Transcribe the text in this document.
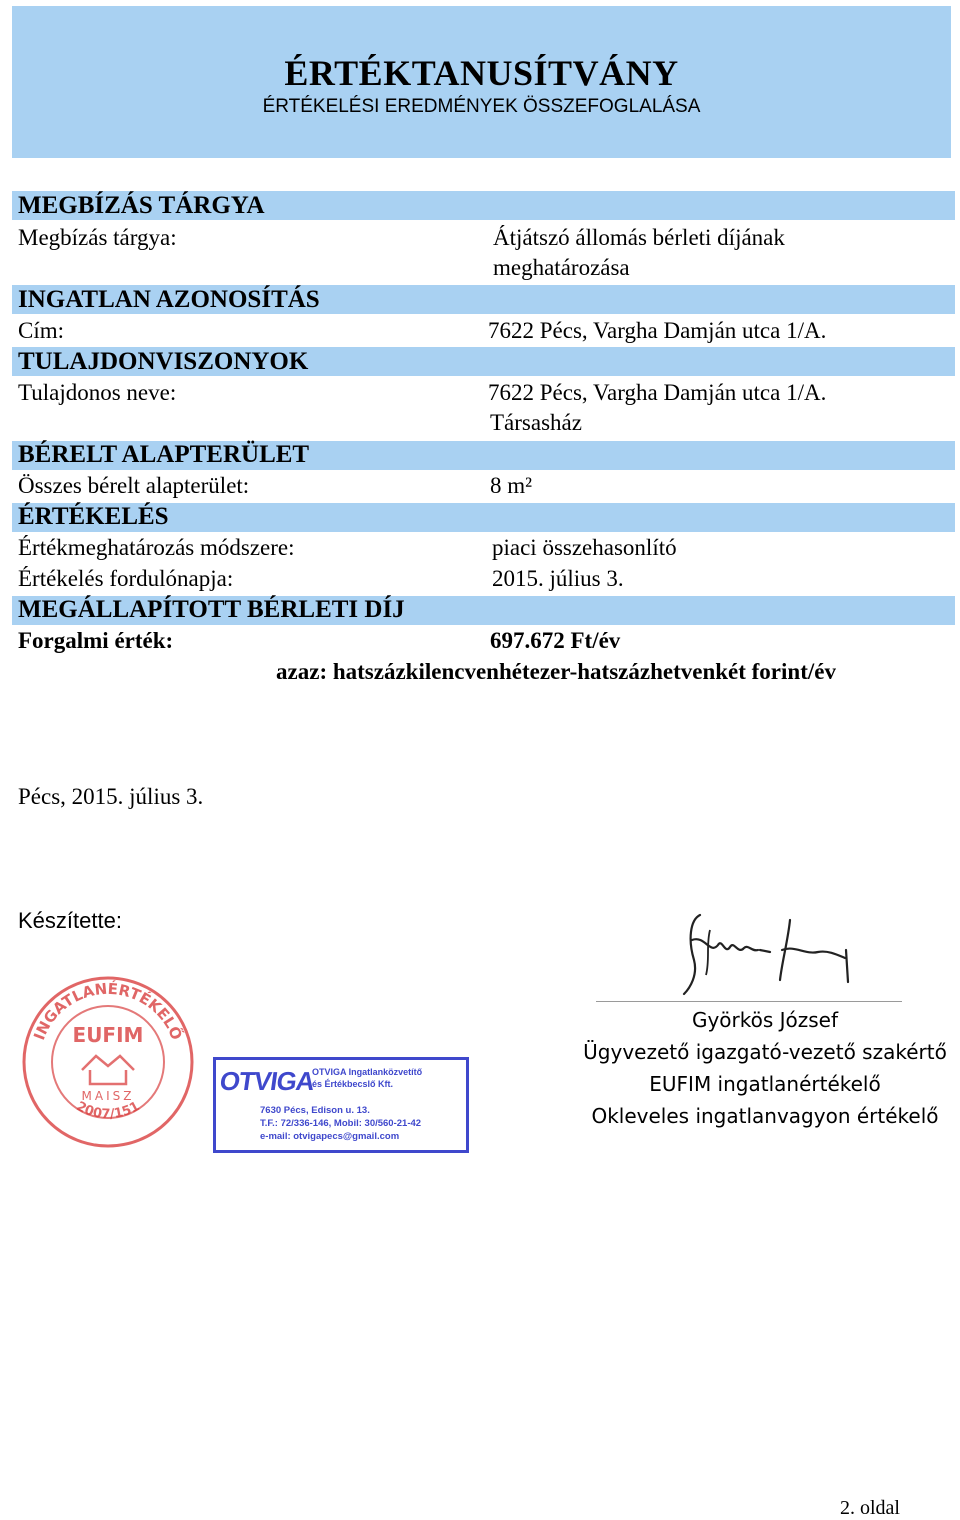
ÉRTÉKTANUSÍTVÁNY
ÉRTÉKELÉSI EREDMÉNYEK ÖSSZEFOGLALÁSA
MEGBÍZÁS TÁRGYA
Megbízás tárgya:	Átjátszó állomás bérleti díjának
meghatározása
INGATLAN AZONOSÍTÁS
Cím:	7622 Pécs, Vargha Damján utca 1/A.
TULAJDONVISZONYOK
Tulajdonos neve:	7622 Pécs, Vargha Damján utca 1/A.
Társasház
BÉRELT ALAPTERÜLET
Összes bérelt alapterület:	8 m²
ÉRTÉKELÉS
Értékmeghatározás módszere:	piaci összehasonlító
Értékelés fordulónapja:	2015. július 3.
MEGÁLLAPÍTOTT BÉRLETI DÍJ
Forgalmi érték:	697.672 Ft/év
azaz: hatszázkilencvenhétezer-hatszázhetvenkét forint/év
Pécs, 2015. július 3.
Készítette:
Györkös József
Ügyvezető igazgató-vezető szakértő
EUFIM ingatlanértékelő
Okleveles ingatlanvagyon értékelő
INGATLANÉRTÉKELŐ
EUFIM
MAISZ
2007/151
OTVIGA
OTVIGA Ingatlanközvetítő
és Értékbecslő Kft.
7630 Pécs, Edison u. 13.
T.F.: 72/336-146, Mobil: 30/560-21-42
e-mail: otvigapecs@gmail.com
2. oldal
